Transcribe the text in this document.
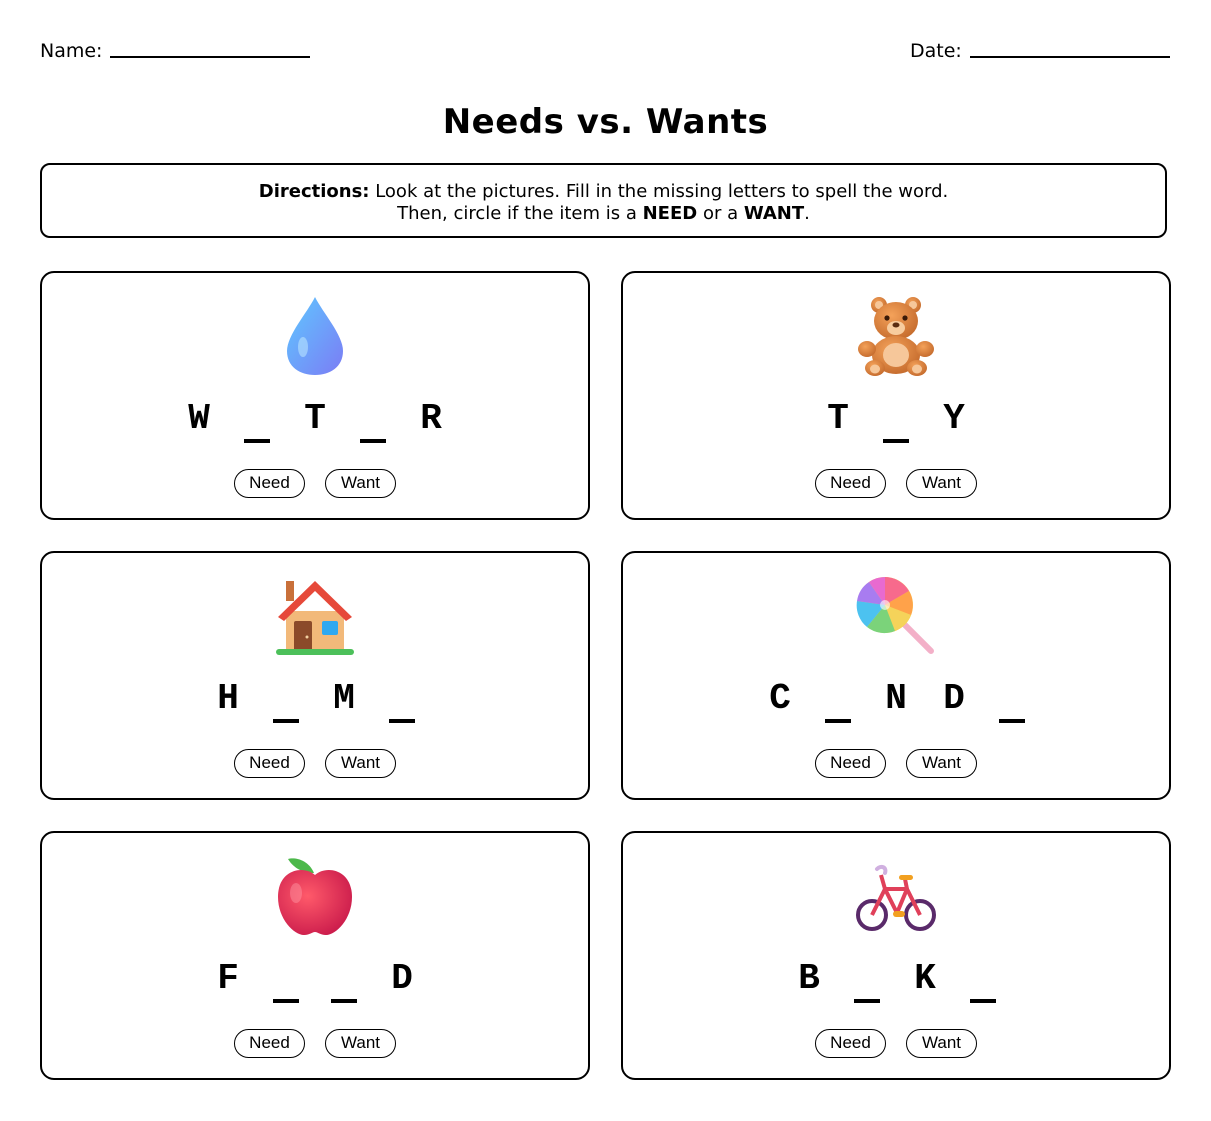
Name:	Date:
Needs vs. Wants
Directions: Look at the pictures. Fill in the missing letters to spell the word.
Then, circle if the item is a NEED or a WANT.
W	T	R
Need	Want
T	Y
Need	Want
H	M
Need	Want
C	N	D
Need	Want
F	D
Need	Want
B	K
Need	Want
